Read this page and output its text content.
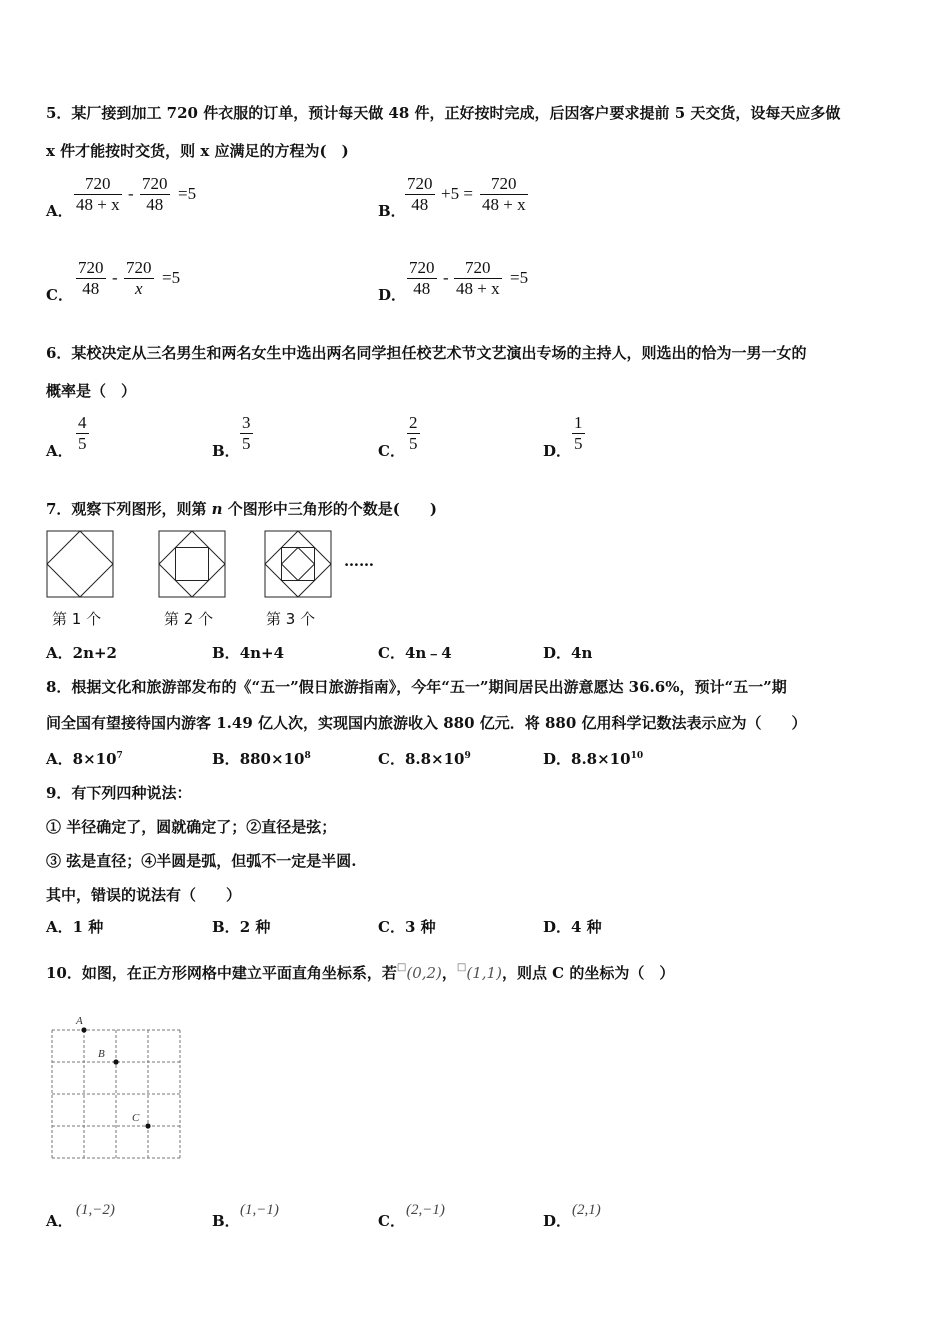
5．某厂接到加工 720 件衣服的订单，预计每天做 48 件，正好按时完成，后因客户要求提前 5 天交货，设每天应多做
x 件才能按时交货，则 x 应满足的方程为(　)
A． $\frac{720}{48 + x} - \frac{720}{48} =5$
B． $\frac{720}{48} +5 = \frac{720}{48 + x}$
C． $\frac{720}{48} - \frac{720}{x} =5$
D． $\frac{720}{48} - \frac{720}{48 + x} =5$
6．某校决定从三名男生和两名女生中选出两名同学担任校艺术节文艺演出专场的主持人，则选出的恰为一男一女的
概率是（　）
A． $\frac{4}{5}$	B． $\frac{3}{5}$	C． $\frac{2}{5}$	D． $\frac{1}{5}$
7．观察下列图形，则第 n 个图形中三角形的个数是(　　)
……
第 1 个	第 2 个	第 3 个
A．2n+2	B．4n+4	C．4n﹣4	D．4n
8．根据文化和旅游部发布的《“五一”假日旅游指南》，今年“五一”期间居民出游意愿达 36.6%，预计“五一”期
间全国有望接待国内游客 1.49 亿人次，实现国内旅游收入 880 亿元．将 880 亿用科学记数法表示应为（　　）
A．$8\times 10^7$	B．$880\times 10^8$	C．$8.8\times 10^9$	D．$8.8\times 10^{10}$
9．有下列四种说法：
① 半径确定了，圆就确定了；②直径是弦；
③ 弦是直径；④半圆是弧，但弧不一定是半圆.
其中，错误的说法有（　　）
A．1 种	B．2 种	C．3 种	D．4 种
10．如图，在正方形网格中建立平面直角坐标系，若□(0,2)，□(1,1)，则点 C 的坐标为（　）
A
B
C
A．
(1,−2)
B．
(1,−1)
C．
(2,−1)
D．
(2,1)
